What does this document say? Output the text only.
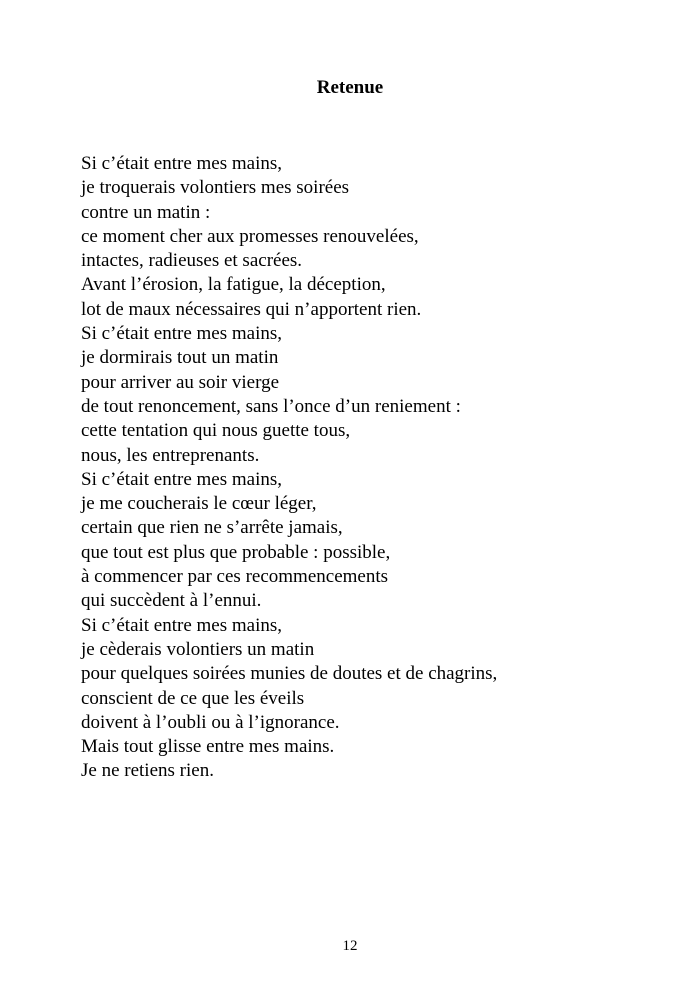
Retenue
Si c’était entre mes mains,
je troquerais volontiers mes soirées
contre un matin :
ce moment cher aux promesses renouvelées,
intactes, radieuses et sacrées.
Avant l’érosion, la fatigue, la déception,
lot de maux nécessaires qui n’apportent rien.
Si c’était entre mes mains,
je dormirais tout un matin
pour arriver au soir vierge
de tout renoncement, sans l’once d’un reniement :
cette tentation qui nous guette tous,
nous, les entreprenants.
Si c’était entre mes mains,
je me coucherais le cœur léger,
certain que rien ne s’arrête jamais,
que tout est plus que probable : possible,
à commencer par ces recommencements
qui succèdent à l’ennui.
Si c’était entre mes mains,
je cèderais volontiers un matin
pour quelques soirées munies de doutes et de chagrins,
conscient de ce que les éveils
doivent à l’oubli ou à l’ignorance.
Mais tout glisse entre mes mains.
Je ne retiens rien.
12
